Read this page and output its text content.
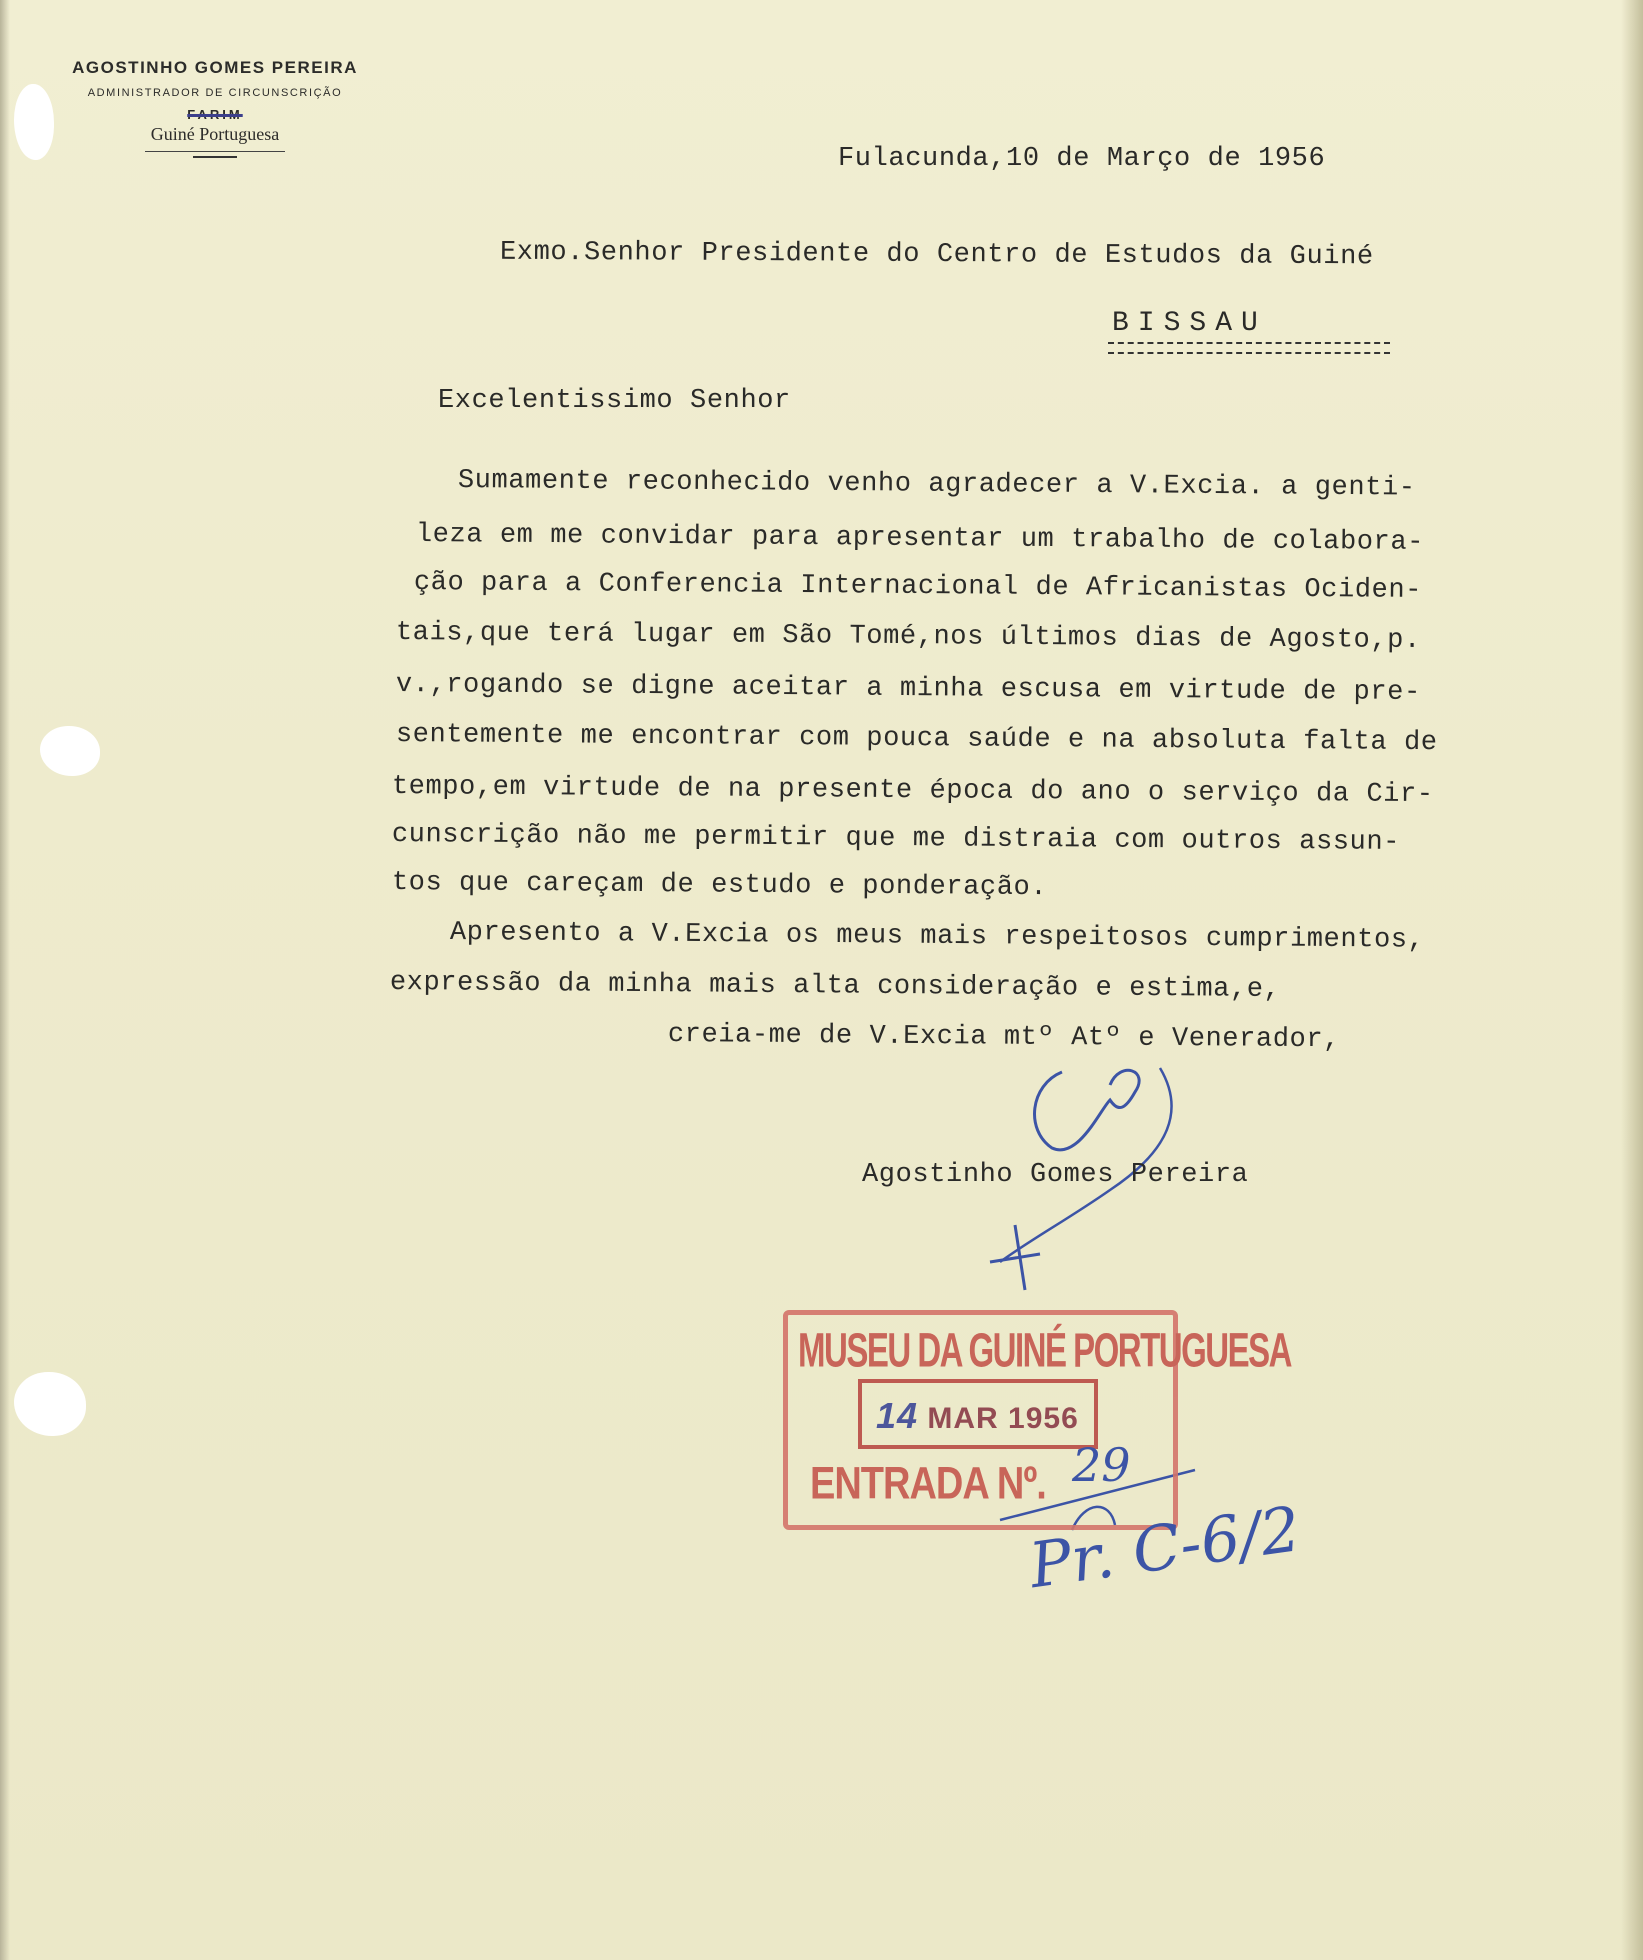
AGOSTINHO GOMES PEREIRA
ADMINISTRADOR DE CIRCUNSCRIÇÃO
FARIM
Guiné Portuguesa
Fulacunda,10 de Março de 1956
Exmo.Senhor Presidente do Centro de Estudos da Guiné
BISSAU
Excelentissimo Senhor
Sumamente reconhecido venho agradecer a V.Excia. a genti-
leza em me convidar para apresentar um trabalho de colabora-
ção para a Conferencia Internacional de Africanistas Ociden-
tais,que terá lugar em São Tomé,nos últimos dias de Agosto,p.
v.,rogando se digne aceitar a minha escusa em virtude de pre-
sentemente me encontrar com pouca saúde e na absoluta falta de
tempo,em virtude de na presente época do ano o serviço da Cir-
cunscrição não me permitir que me distraia com outros assun-
tos que careçam de estudo e ponderação.
Apresento a V.Excia os meus mais respeitosos cumprimentos,
expressão da minha mais alta consideração e estima,e,
creia-me de V.Excia mtº Atº e Venerador,
Agostinho Gomes Pereira
MUSEU DA GUINÉ PORTUGUESA
14 MAR 1956
ENTRADA Nº. 29
Pr. C-6/2
